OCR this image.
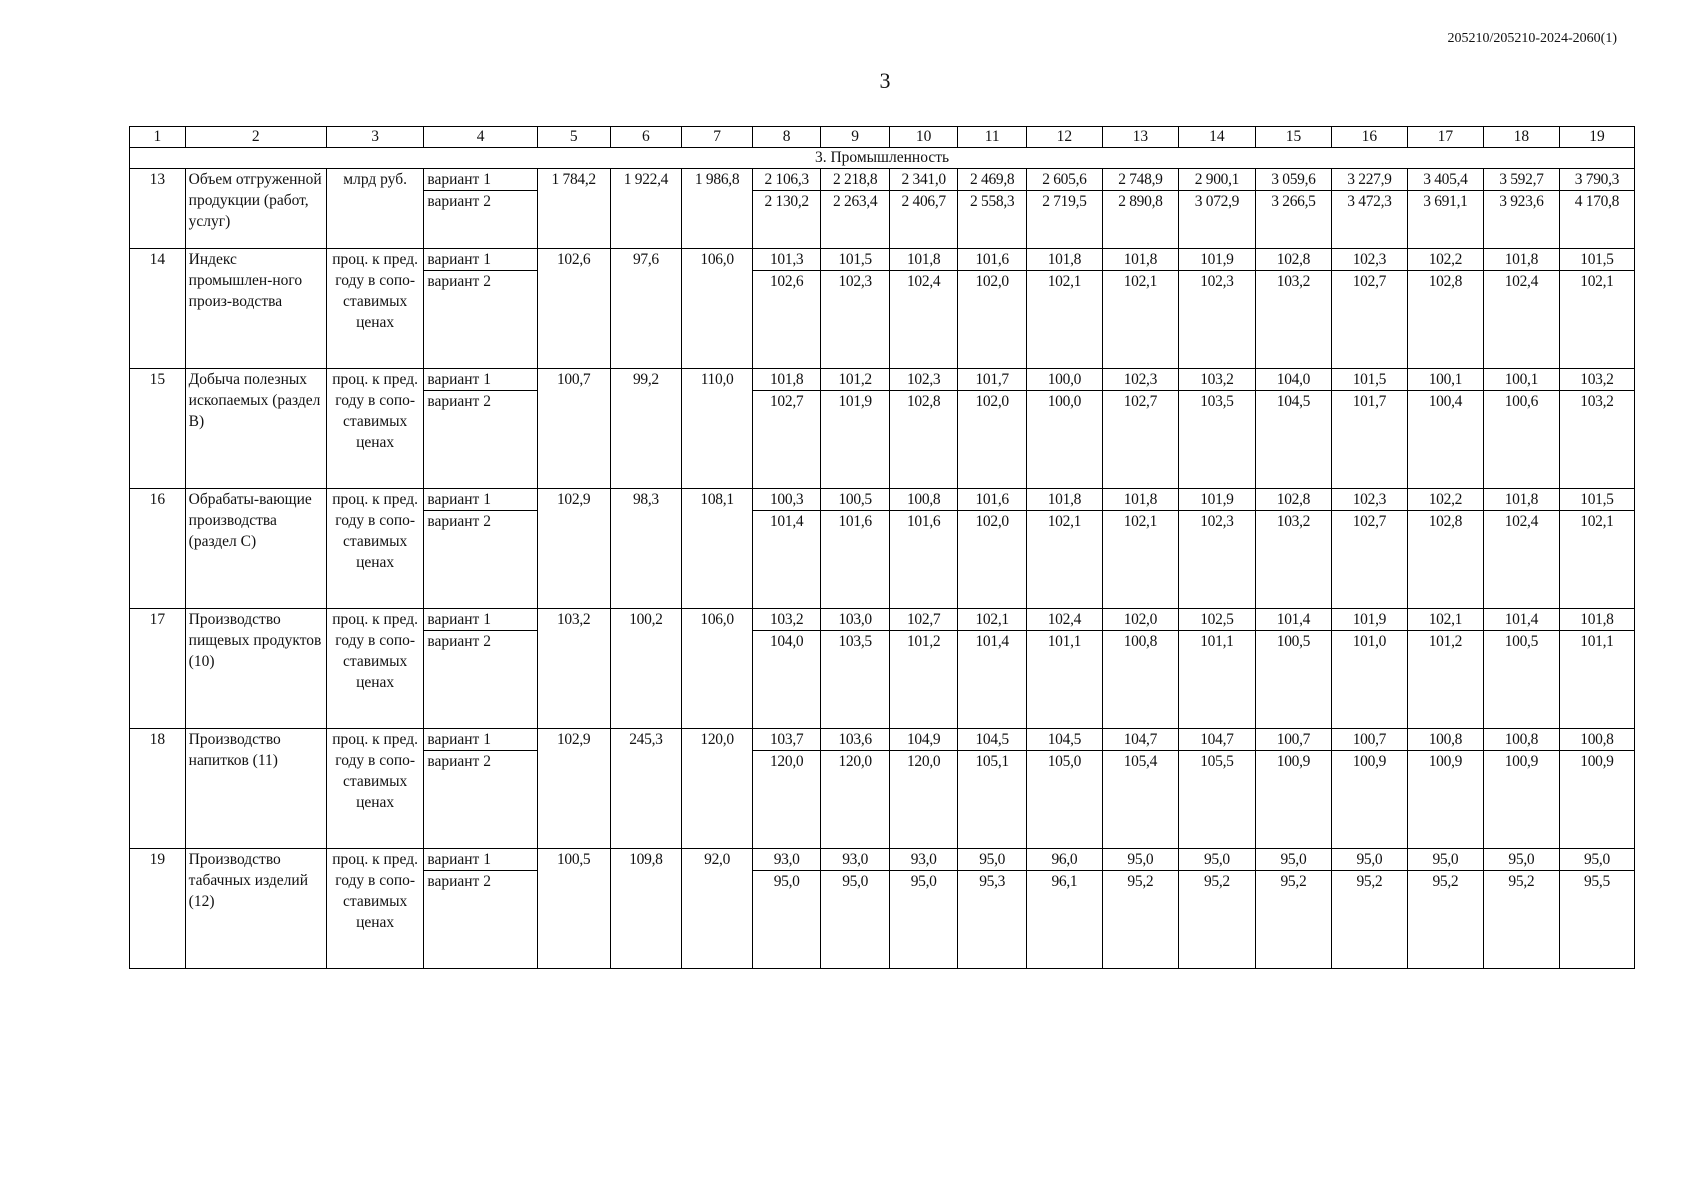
205210/205210-2024-2060(1)
3
1	2	3	4	5	6	7	8	9	10	11	12	13	14	15	16	17	18	19
3. Промышленность																		
13	Объем отгруженной продукции (работ, услуг)	млрд руб.	вариант 1	1 784,2	1 922,4	1 986,8	2 106,3	2 218,8	2 341,0	2 469,8	2 605,6	2 748,9	2 900,1	3 059,6	3 227,9	3 405,4	3 592,7	3 790,3
			вариант 2				2 130,2	2 263,4	2 406,7	2 558,3	2 719,5	2 890,8	3 072,9	3 266,5	3 472,3	3 691,1	3 923,6	4 170,8
14	Индекс промышлен-ного произ-водства	проц. к пред. году в сопо-ставимых ценах	вариант 1	102,6	97,6	106,0	101,3	101,5	101,8	101,6	101,8	101,8	101,9	102,8	102,3	102,2	101,8	101,5
			вариант 2				102,6	102,3	102,4	102,0	102,1	102,1	102,3	103,2	102,7	102,8	102,4	102,1
15	Добыча полезных ископаемых (раздел B)	проц. к пред. году в сопо-ставимых ценах	вариант 1	100,7	99,2	110,0	101,8	101,2	102,3	101,7	100,0	102,3	103,2	104,0	101,5	100,1	100,1	103,2
			вариант 2				102,7	101,9	102,8	102,0	100,0	102,7	103,5	104,5	101,7	100,4	100,6	103,2
16	Обрабаты-вающие производства (раздел C)	проц. к пред. году в сопо-ставимых ценах	вариант 1	102,9	98,3	108,1	100,3	100,5	100,8	101,6	101,8	101,8	101,9	102,8	102,3	102,2	101,8	101,5
			вариант 2				101,4	101,6	101,6	102,0	102,1	102,1	102,3	103,2	102,7	102,8	102,4	102,1
17	Производство пищевых продуктов (10)	проц. к пред. году в сопо-ставимых ценах	вариант 1	103,2	100,2	106,0	103,2	103,0	102,7	102,1	102,4	102,0	102,5	101,4	101,9	102,1	101,4	101,8
			вариант 2				104,0	103,5	101,2	101,4	101,1	100,8	101,1	100,5	101,0	101,2	100,5	101,1
18	Производство напитков (11)	проц. к пред. году в сопо-ставимых ценах	вариант 1	102,9	245,3	120,0	103,7	103,6	104,9	104,5	104,5	104,7	104,7	100,7	100,7	100,8	100,8	100,8
			вариант 2				120,0	120,0	120,0	105,1	105,0	105,4	105,5	100,9	100,9	100,9	100,9	100,9
19	Производство табачных изделий (12)	проц. к пред. году в сопо-ставимых ценах	вариант 1	100,5	109,8	92,0	93,0	93,0	93,0	95,0	96,0	95,0	95,0	95,0	95,0	95,0	95,0	95,0
			вариант 2				95,0	95,0	95,0	95,3	96,1	95,2	95,2	95,2	95,2	95,2	95,2	95,5
